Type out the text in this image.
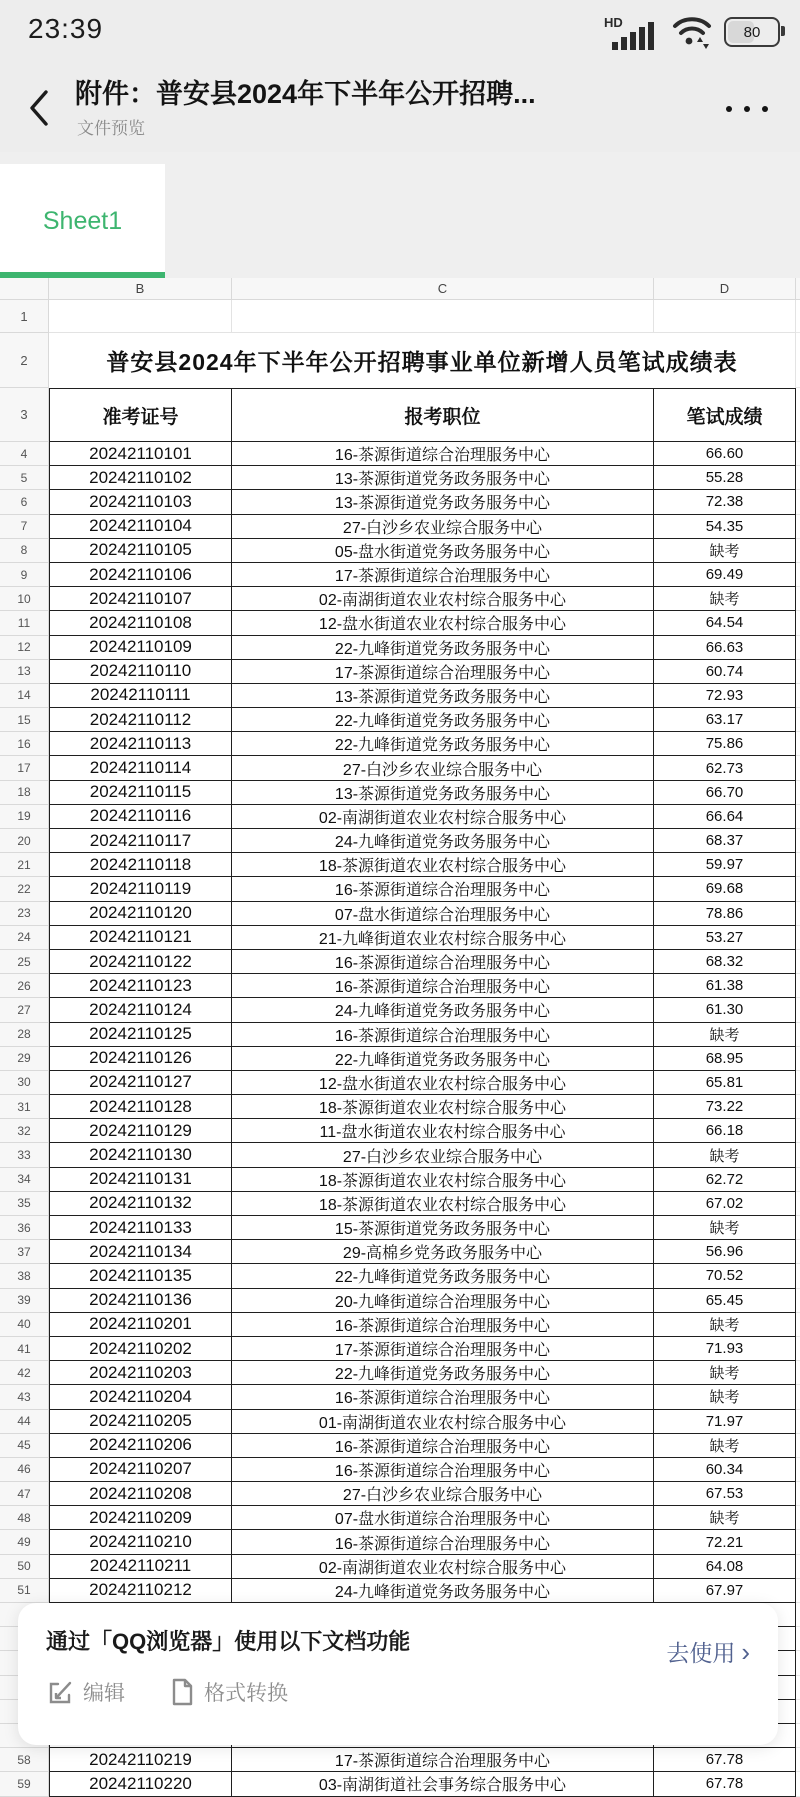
23:39	HD
80
附件：普安县2024年下半年公开招聘...
文件预览
Sheet1
B	C	D
1
2	普安县2024年下半年公开招聘事业单位新增人员笔试成绩表
3	准考证号	报考职位	笔试成绩
4	20242110101	16-茶源街道综合治理服务中心	66.60
5	20242110102	13-茶源街道党务政务服务中心	55.28
6	20242110103	13-茶源街道党务政务服务中心	72.38
7	20242110104	27-白沙乡农业综合服务中心	54.35
8	20242110105	05-盘水街道党务政务服务中心	缺考
9	20242110106	17-茶源街道综合治理服务中心	69.49
10	20242110107	02-南湖街道农业农村综合服务中心	缺考
11	20242110108	12-盘水街道农业农村综合服务中心	64.54
12	20242110109	22-九峰街道党务政务服务中心	66.63
13	20242110110	17-茶源街道综合治理服务中心	60.74
14	20242110111	13-茶源街道党务政务服务中心	72.93
15	20242110112	22-九峰街道党务政务服务中心	63.17
16	20242110113	22-九峰街道党务政务服务中心	75.86
17	20242110114	27-白沙乡农业综合服务中心	62.73
18	20242110115	13-茶源街道党务政务服务中心	66.70
19	20242110116	02-南湖街道农业农村综合服务中心	66.64
20	20242110117	24-九峰街道党务政务服务中心	68.37
21	20242110118	18-茶源街道农业农村综合服务中心	59.97
22	20242110119	16-茶源街道综合治理服务中心	69.68
23	20242110120	07-盘水街道综合治理服务中心	78.86
24	20242110121	21-九峰街道农业农村综合服务中心	53.27
25	20242110122	16-茶源街道综合治理服务中心	68.32
26	20242110123	16-茶源街道综合治理服务中心	61.38
27	20242110124	24-九峰街道党务政务服务中心	61.30
28	20242110125	16-茶源街道综合治理服务中心	缺考
29	20242110126	22-九峰街道党务政务服务中心	68.95
30	20242110127	12-盘水街道农业农村综合服务中心	65.81
31	20242110128	18-茶源街道农业农村综合服务中心	73.22
32	20242110129	11-盘水街道农业农村综合服务中心	66.18
33	20242110130	27-白沙乡农业综合服务中心	缺考
34	20242110131	18-茶源街道农业农村综合服务中心	62.72
35	20242110132	18-茶源街道农业农村综合服务中心	67.02
36	20242110133	15-茶源街道党务政务服务中心	缺考
37	20242110134	29-高棉乡党务政务服务中心	56.96
38	20242110135	22-九峰街道党务政务服务中心	70.52
39	20242110136	20-九峰街道综合治理服务中心	65.45
40	20242110201	16-茶源街道综合治理服务中心	缺考
41	20242110202	17-茶源街道综合治理服务中心	71.93
42	20242110203	22-九峰街道党务政务服务中心	缺考
43	20242110204	16-茶源街道综合治理服务中心	缺考
44	20242110205	01-南湖街道农业农村综合服务中心	71.97
45	20242110206	16-茶源街道综合治理服务中心	缺考
46	20242110207	16-茶源街道综合治理服务中心	60.34
47	20242110208	27-白沙乡农业综合服务中心	67.53
48	20242110209	07-盘水街道综合治理服务中心	缺考
49	20242110210	16-茶源街道综合治理服务中心	72.21
50	20242110211	02-南湖街道农业农村综合服务中心	64.08
51	20242110212	24-九峰街道党务政务服务中心	67.97
58	20242110219	17-茶源街道综合治理服务中心	67.78
59	20242110220	03-南湖街道社会事务综合服务中心	67.78
通过「QQ浏览器」使用以下文档功能	去使用 ›
编辑	格式转换
